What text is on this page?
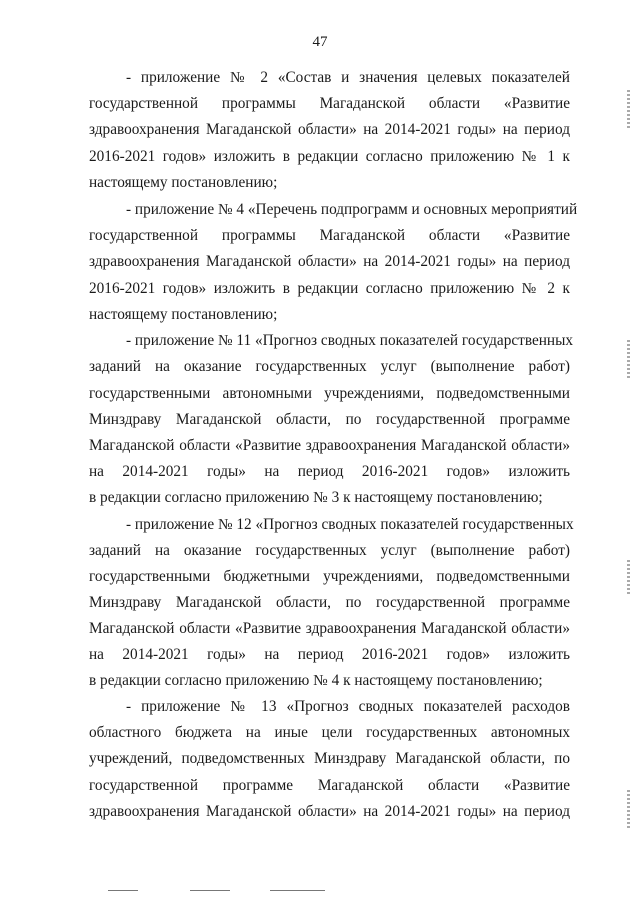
47
- приложение № 2 «Состав и значения целевых показателей
государственной программы Магаданской области «Развитие
здравоохранения Магаданской области» на 2014-2021 годы» на период
2016-2021 годов» изложить в редакции согласно приложению № 1 к
настоящему постановлению;
- приложение № 4 «Перечень подпрограмм и основных мероприятий
государственной программы Магаданской области «Развитие
здравоохранения Магаданской области» на 2014-2021 годы» на период
2016-2021 годов» изложить в редакции согласно приложению № 2 к
настоящему постановлению;
- приложение № 11 «Прогноз сводных показателей государственных
заданий на оказание государственных услуг (выполнение работ)
государственными автономными учреждениями, подведомственными
Минздраву Магаданской области, по государственной программе
Магаданской области «Развитие здравоохранения Магаданской области»
на 2014-2021 годы» на период 2016-2021 годов» изложить
в редакции согласно приложению № 3 к настоящему постановлению;
- приложение № 12 «Прогноз сводных показателей государственных
заданий на оказание государственных услуг (выполнение работ)
государственными бюджетными учреждениями, подведомственными
Минздраву Магаданской области, по государственной программе
Магаданской области «Развитие здравоохранения Магаданской области»
на 2014-2021 годы» на период 2016-2021 годов» изложить
в редакции согласно приложению № 4 к настоящему постановлению;
- приложение № 13 «Прогноз сводных показателей расходов
областного бюджета на иные цели государственных автономных
учреждений, подведомственных Минздраву Магаданской области, по
государственной программе Магаданской области «Развитие
здравоохранения Магаданской области» на 2014-2021 годы» на период
